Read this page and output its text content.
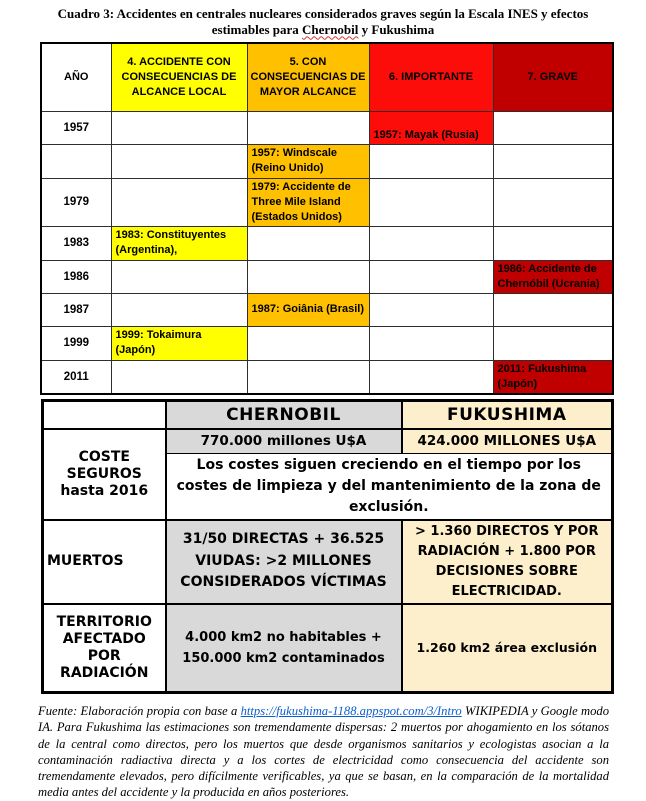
Cuadro 3: Accidentes en centrales nucleares considerados graves según la Escala INES y efectos
estimables para Chernobil y Fukushima
AÑO	4. ACCIDENTE CON CONSECUENCIAS DE ALCANCE LOCAL	5. CON CONSECUENCIAS DE MAYOR ALCANCE	6. IMPORTANTE	7. GRAVE
1957			1957: Mayak (Rusia)	
		1957: Windscale (Reino Unido)		
1979		1979: Accidente de Three Mile Island (Estados Unidos)		
1983	1983: Constituyentes (Argentina),			
1986				1986: Accidente de Chernóbil (Ucrania)
1987		1987: Goiânia (Brasil)		
1999	1999: Tokaimura (Japón)			
2011				2011: Fukushima (Japón)
	CHERNOBIL	FUKUSHIMA
COSTE SEGUROS hasta 2016	770.000 millones U$A	424.000 MILLONES U$A
	Los costes siguen creciendo en el tiempo por los costes de limpieza y del mantenimiento de la zona de exclusión.	
MUERTOS	31/50 DIRECTAS + 36.525 VIUDAS: >2 MILLONES CONSIDERADOS VÍCTIMAS	> 1.360 DIRECTOS Y POR RADIACIÓN + 1.800 POR DECISIONES SOBRE ELECTRICIDAD.
TERRITORIO AFECTADO POR RADIACIÓN	4.000 km2 no habitables + 150.000 km2 contaminados	1.260 km2 área exclusión
Fuente: Elaboración propia con base a https://fukushima-1188.appspot.com/3/Intro WIKIPEDIA y Google modo IA. Para Fukushima las estimaciones son tremendamente dispersas: 2 muertos por ahogamiento en los sótanos de la central como directos, pero los muertos que desde organismos sanitarios y ecologistas asocian a la contaminación radiactiva directa y a los cortes de electricidad como consecuencia del accidente son tremendamente elevados, pero difícilmente verificables, ya que se basan, en la comparación de la mortalidad media antes del accidente y la producida en años posteriores.
